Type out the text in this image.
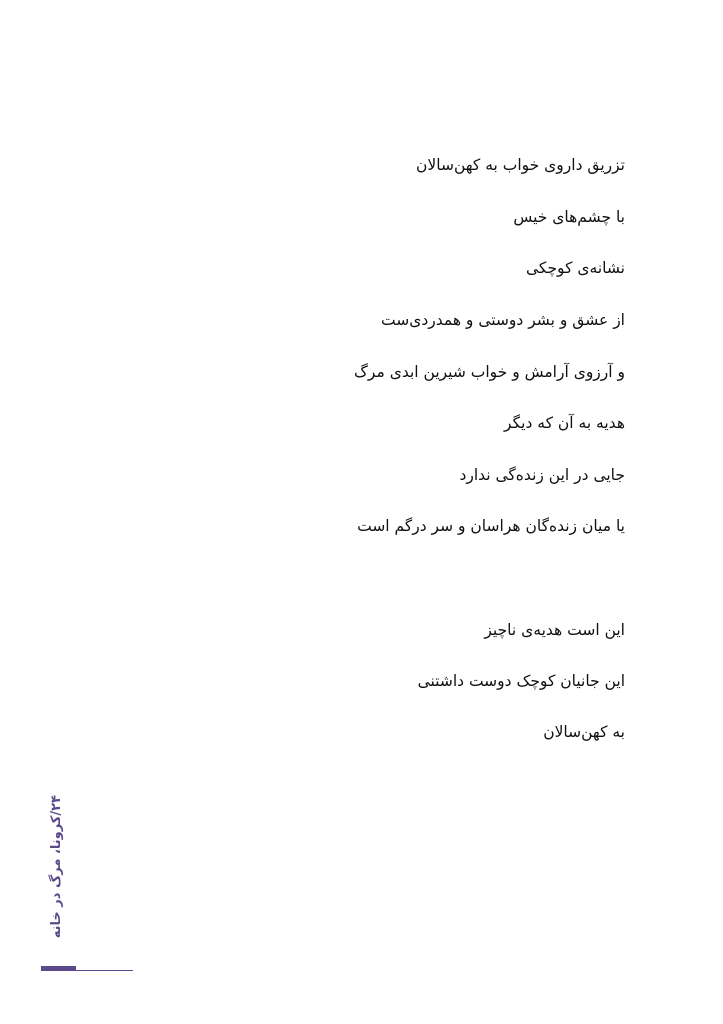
تزریق داروی خواب به کهن‌سالان
با چشم‌های خیس
نشانه‌ی کوچکی
از عشق و بشر دوستی و همدردی‌ست
و آرزوی آرامش و خواب شیرین ابدی مرگ
هدیه به آن که دیگر
جایی در این زنده‌گی ندارد
یا میان زنده‌گان هراسان و سر درگم است
این است هدیه‌ی ناچیز
این جانیان کوچک دوست داشتنی
به کهن‌سالان
۲۴/کرونا، مرگ در خانه
